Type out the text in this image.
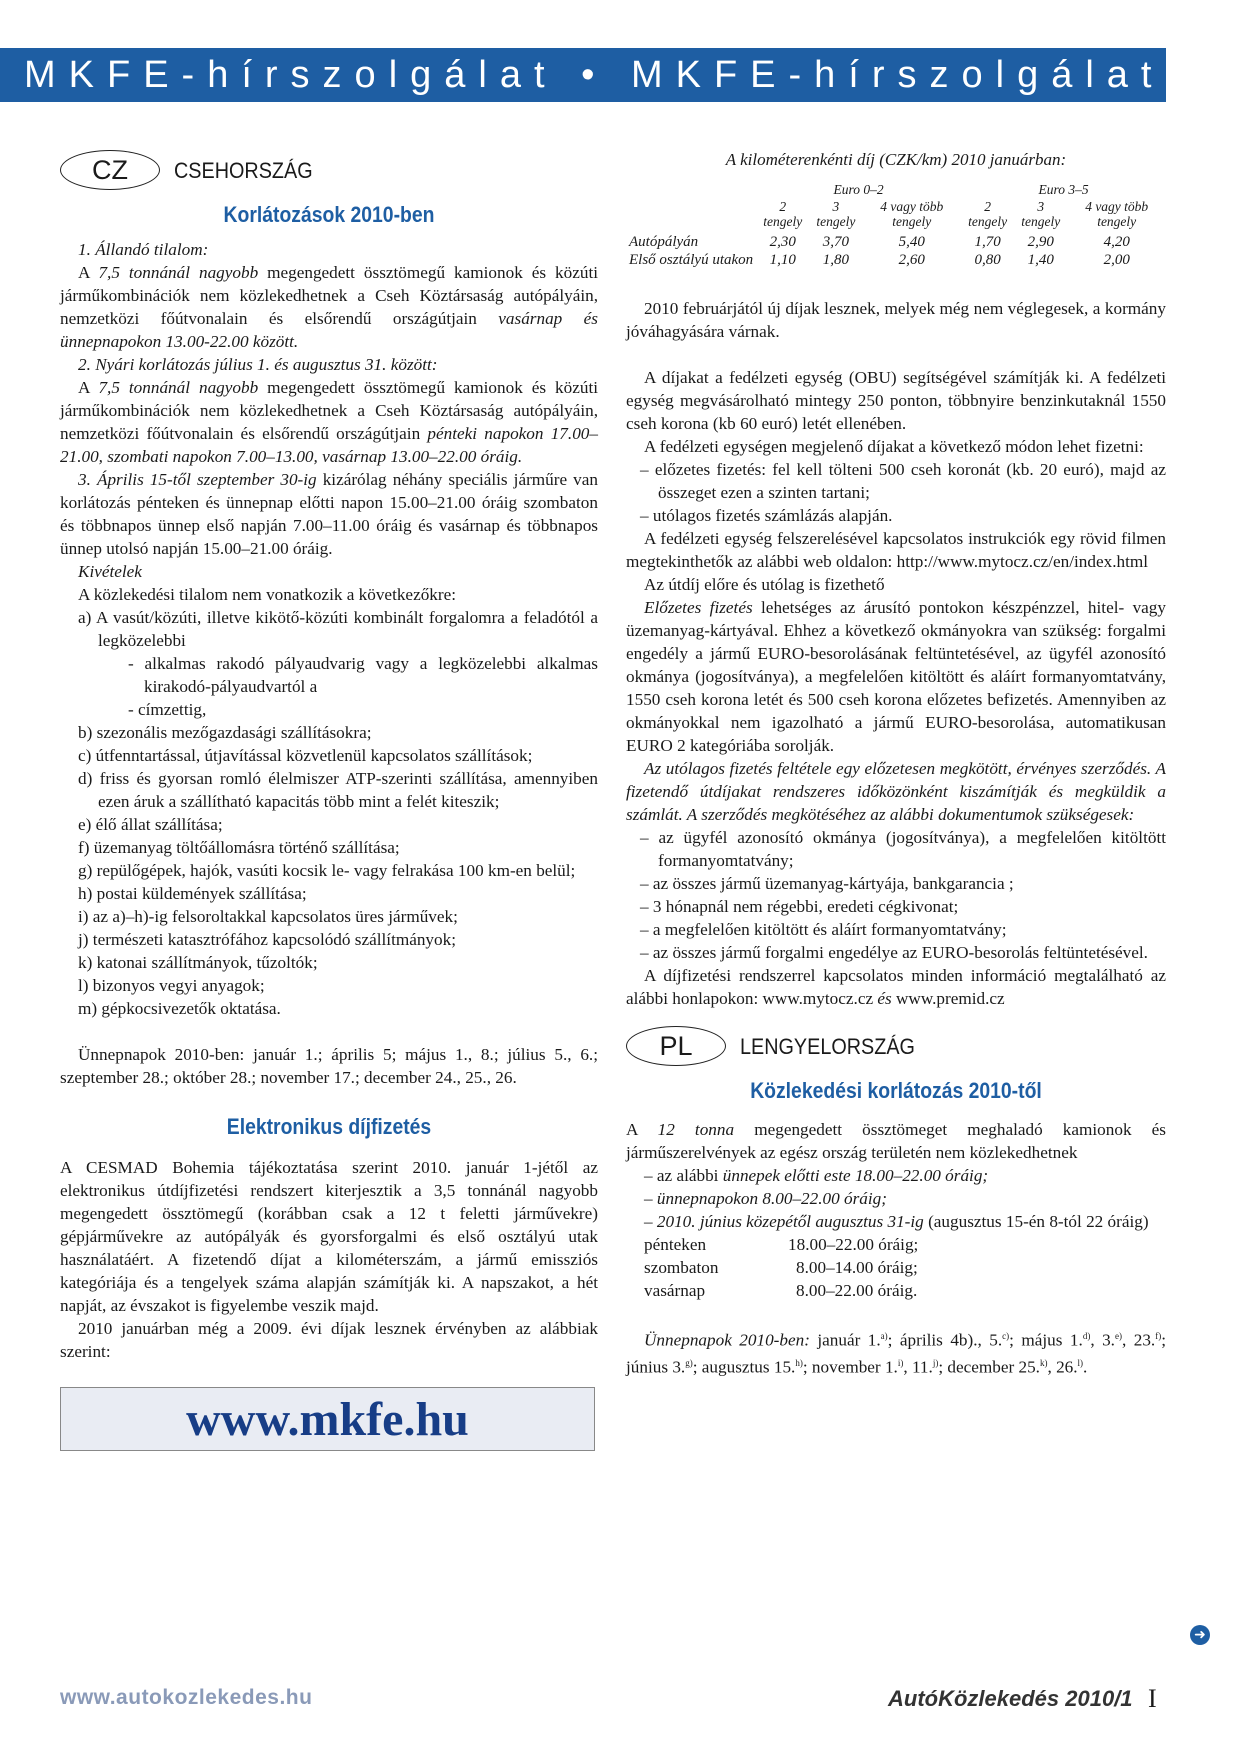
MKFE-hírszolgálat • MKFE-hírszolgálat
CZ	CSEHORSZÁG
Korlátozások 2010-ben

1. Állandó tilalom:

A 7,5 tonnánál nagyobb megengedett össztömegű kamionok és közúti járműkombinációk nem közlekedhetnek a Cseh Köztársaság autópályáin, nemzetközi főútvonalain és elsőrendű országútjain vasárnap és ünnepnapokon 13.00-22.00 között.

2. Nyári korlátozás július 1. és augusztus 31. között:

A 7,5 tonnánál nagyobb megengedett össztömegű kamionok és közúti járműkombinációk nem közlekedhetnek a Cseh Köztársaság autópályáin, nemzetközi főútvonalain és elsőrendű országútjain pénteki napokon 17.00–21.00, szombati napokon 7.00–13.00, vasárnap 13.00–22.00 óráig.

3. Április 15-től szeptember 30-ig kizárólag néhány speciális járműre van korlátozás pénteken és ünnepnap előtti napon 15.00–21.00 óráig szombaton és többnapos ünnep első napján 7.00–11.00 óráig és vasárnap és többnapos ünnep utolsó napján 15.00–21.00 óráig.

Kivételek

A közlekedési tilalom nem vonatkozik a következőkre:

a) A vasút/közúti, illetve kikötő-közúti kombinált forgalomra a feladótól a legközelebbi

- alkalmas rakodó pályaudvarig vagy a legközelebbi alkalmas kirakodó-pályaudvartól a

- címzettig,

b) szezonális mezőgazdasági szállításokra;

c) útfenntartással, útjavítással közvetlenül kapcsolatos szállítások;

d) friss és gyorsan romló élelmiszer ATP-szerinti szállítása, amennyiben ezen áruk a szállítható kapacitás több mint a felét kiteszik;

e) élő állat szállítása;

f) üzemanyag töltőállomásra történő szállítása;

g) repülőgépek, hajók, vasúti kocsik le- vagy felrakása 100 km-en belül;

h) postai küldemények szállítása;

i) az a)–h)-ig felsoroltakkal kapcsolatos üres járművek;

j) természeti katasztrófához kapcsolódó szállítmányok;

k) katonai szállítmányok, tűzoltók;

l) bizonyos vegyi anyagok;

m) gépkocsivezetők oktatása.

Ünnepnapok 2010-ben: január 1.; április 5; május 1., 8.; július 5., 6.; szeptember 28.; október 28.; november 17.; december 24., 25., 26.

Elektronikus díjfizetés

A CESMAD Bohemia tájékoztatása szerint 2010. január 1-jétől az elektronikus útdíjfizetési rendszert kiterjesztik a 3,5 tonnánál nagyobb megengedett össztömegű (korábban csak a 12 t feletti járművekre) gépjárművekre az autópályák és gyorsforgalmi és első osztályú utak használatáért. A fizetendő díjat a kilométerszám, a jármű emissziós kategóriája és a tengelyek száma alapján számítják ki. A napszakot, a hét napját, az évszakot is figyelembe veszik majd.

2010 januárban még a 2009. évi díjak lesznek érvényben az alábbiak szerint:

www.mkfe.hu
A kilométerenkénti díj (CZK/km) 2010 januárban:
	Euro 0–2			Euro 3–5		
	2 tengely	3 tengely	4 vagy több tengely	2 tengely	3 tengely	4 vagy több tengely
Autópályán	2,30	3,70	5,40	1,70	2,90	4,20
Első osztályú utakon	1,10	1,80	2,60	0,80	1,40	2,00

2010 februárjától új díjak lesznek, melyek még nem véglegesek, a kormány jóváhagyására várnak.

A díjakat a fedélzeti egység (OBU) segítségével számítják ki. A fedélzeti egység megvásárolható mintegy 250 ponton, többnyire benzinkutaknál 1550 cseh korona (kb 60 euró) letét ellenében.

A fedélzeti egységen megjelenő díjakat a következő módon lehet fizetni:

– előzetes fizetés: fel kell tölteni 500 cseh koronát (kb. 20 euró), majd az összeget ezen a szinten tartani;

– utólagos fizetés számlázás alapján.

A fedélzeti egység felszerelésével kapcsolatos instrukciók egy rövid filmen megtekinthetők az alábbi web oldalon: http://www.mytocz.cz/en/index.html

Az útdíj előre és utólag is fizethető

Előzetes fizetés lehetséges az árusító pontokon készpénzzel, hitel- vagy üzemanyag-kártyával. Ehhez a következő okmányokra van szükség: forgalmi engedély a jármű EURO-besorolásának feltüntetésével, az ügyfél azonosító okmánya (jogosítványa), a megfelelően kitöltött és aláírt formanyomtatvány, 1550 cseh korona letét és 500 cseh korona előzetes befizetés. Amennyiben az okmányokkal nem igazolható a jármű EURO-besorolása, automatikusan EURO 2 kategóriába sorolják.

Az utólagos fizetés feltétele egy előzetesen megkötött, érvényes szerződés. A fizetendő útdíjakat rendszeres időközönként kiszámítják és megküldik a számlát. A szerződés megkötéséhez az alábbi dokumentumok szükségesek:

– az ügyfél azonosító okmánya (jogosítványa), a megfelelően kitöltött formanyomtatvány;

– az összes jármű üzemanyag-kártyája, bankgarancia ;

– 3 hónapnál nem régebbi, eredeti cégkivonat;

– a megfelelően kitöltött és aláírt formanyomtatvány;

– az összes jármű forgalmi engedélye az EURO-besorolás feltüntetésével.

A díjfizetési rendszerrel kapcsolatos minden információ megtalálható az alábbi honlapokon: www.mytocz.cz és www.premid.cz

PL	LENGYELORSZÁG
Közlekedési korlátozás 2010-től

A 12 tonna megengedett össztömeget meghaladó kamionok és járműszerelvények az egész ország területén nem közlekedhetnek

– az alábbi ünnepek előtti este 18.00–22.00 óráig;

– ünnepnapokon 8.00–22.00 óráig;

– 2010. június közepétől augusztus 31-ig (augusztus 15-én 8-tól 22 óráig)

pénteken	18.00–22.00 óráig;
szombaton	8.00–14.00 óráig;
vasárnap	8.00–22.00 óráig.

Ünnepnapok 2010-ben: január 1.$^{a)}$; április 4b)., 5.$^{c)}$; május 1.$^{d)}$, 3.$^{e)}$, 23.$^{f)}$; június 3.$^{g)}$; augusztus 15.$^{h)}$; november 1.$^{i)}$, 11.$^{j)}$; december 25.$^{k)}$, 26.$^{l)}$.

➜
www.autokozlekedes.hu	AutóKözlekedés 2010/1 I
